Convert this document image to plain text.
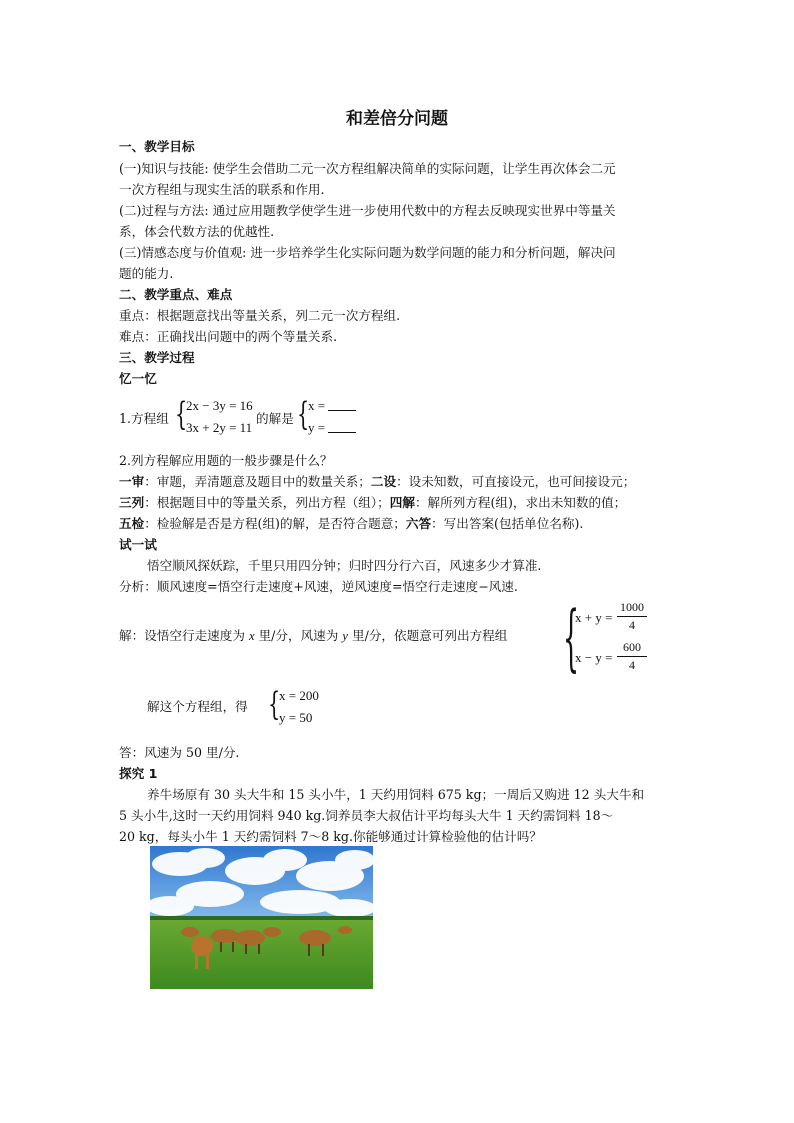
和差倍分问题
一、教学目标
(一)知识与技能: 使学生会借助二元一次方程组解决简单的实际问题，让学生再次体会二元
一次方程组与现实生活的联系和作用.
(二)过程与方法: 通过应用题教学使学生进一步使用代数中的方程去反映现实世界中等量关
系，体会代数方法的优越性.
(三)情感态度与价值观: 进一步培养学生化实际问题为数学问题的能力和分析问题，解决问
题的能力.
二、教学重点、难点
重点：根据题意找出等量关系，列二元一次方程组.
难点：正确找出问题中的两个等量关系.
三、教学过程
忆一忆
1.方程组 {
2x − 3y = 16
3x + 2y = 11
的解是 {
x =
y =
2.列方程解应用题的一般步骤是什么？
一审：审题，弄清题意及题目中的数量关系；二设：设未知数，可直接设元，也可间接设元；
三列：根据题目中的等量关系，列出方程（组）；四解：解所列方程(组)，求出未知数的值；
五检：检验解是否是方程(组)的解，是否符合题意；六答：写出答案(包括单位名称).
试一试
悟空顺风探妖踪，千里只用四分钟；归时四分行六百，风速多少才算准.
分析：顺风速度=悟空行走速度+风速，逆风速度=悟空行走速度−风速.
解：设悟空行走速度为 x 里/分，风速为 y 里/分，依题意可列出方程组 {
x + y =
1000
4
x − y =
600
4
解这个方程组，得 {
x = 200
y = 50
答：风速为 50 里/分.
探究 1
养牛场原有 30 头大牛和 15 头小牛，1 天约用饲料 675 kg；一周后又购进 12 头大牛和
5 头小牛,这时一天约用饲料 940 kg.饲养员李大叔估计平均每头大牛 1 天约需饲料 18～
20 kg，每头小牛 1 天约需饲料 7～8 kg.你能够通过计算检验他的估计吗？
